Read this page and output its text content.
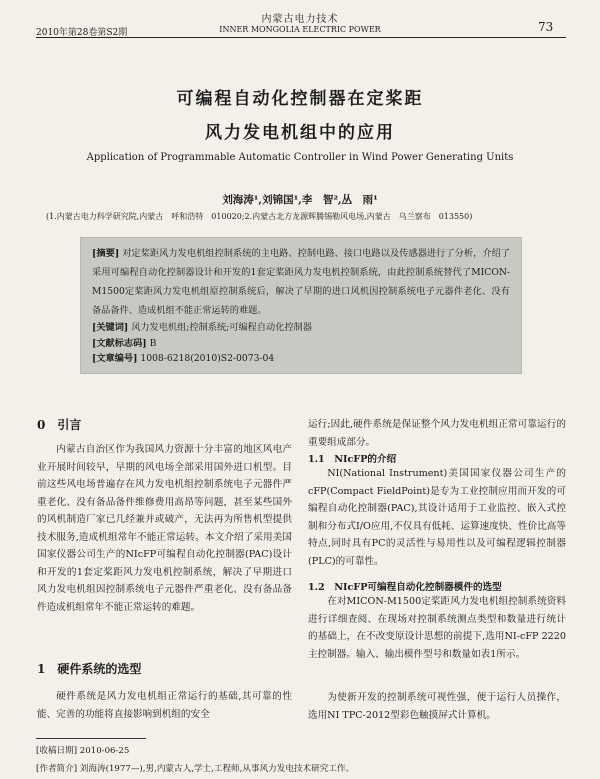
内蒙古电力技术
2010年第28卷第S2期	INNER MONGOLIA ELECTRIC POWER	73
可编程自动化控制器在定桨距
风力发电机组中的应用
Application of Programmable Automatic Controller in Wind Power Generating Units
刘海涛¹,刘锦国¹,李　智²,丛　雨¹
(1.内蒙古电力科学研究院,内蒙古　呼和浩特　010020;2.内蒙古北方龙源辉腾锡勒风电场,内蒙古　乌兰察布　013550)
[摘要] 对定桨距风力发电机组控制系统的主电路、控制电路、接口电路以及传感器进行了分析，介绍了采用可编程自动化控制器设计和开发的1套定桨距风力发电机控制系统，由此控制系统替代了MICON-M1500定桨距风力发电机组原控制系统后，解决了早期的进口风机因控制系统电子元器件老化、没有备品备件、造成机组不能正常运转的难题。
[关键词] 风力发电机组;控制系统;可编程自动化控制器
[文献标志码] B
[文章编号] 1008-6218(2010)S2-0073-04
0　引言
内蒙古自治区作为我国风力资源十分丰富的地区风电产业开展时间较早，早期的风电场全部采用国外进口机型。目前这些风电场普遍存在风力发电机组控制系统电子元器件严重老化、没有备品备件维修费用高昂等问题，甚至某些国外的风机制造厂家已几经兼并或破产，无法再为所售机型提供技术服务,造成机组常年不能正常运转。本文介绍了采用美国国家仪器公司生产的NIcFP可编程自动化控制器(PAC)设计和开发的1套定桨距风力发电机控制系统，解决了早期进口风力发电机组因控制系统电子元器件严重老化、没有备品备件造成机组常年不能正常运转的难题。
1　硬件系统的选型
硬件系统是风力发电机组正常运行的基础,其可靠的性能、完善的功能将直接影响到机组的安全
运行;因此,硬件系统是保证整个风力发电机组正常可靠运行的重要组成部分。
1.1　NIcFP的介绍
NI(National Instrument)美国国家仪器公司生产的cFP(Compact FieldPoint)是专为工业控制应用而开发的可编程自动化控制器(PAC),其设计适用于工业监控、嵌入式控制和分布式I/O应用,不仅具有低耗、运算速度快、性价比高等特点,同时具有PC的灵活性与易用性以及可编程逻辑控制器(PLC)的可靠性。
1.2　NIcFP可编程自动化控制器模件的选型
在对MICON-M1500定桨距风力发电机组控制系统资料进行详细查阅、在现场对控制系统测点类型和数量进行统计的基础上，在不改变原设计思想的前提下,选用NI-cFP 2220主控制器。输入、输出模件型号和数量如表1所示。
为使新开发的控制系统可视性强，便于运行人员操作，选用NI TPC-2012型彩色触摸屏式计算机。
[收稿日期] 2010-06-25
[作者简介] 刘海涛(1977—),男,内蒙古人,学士,工程师,从事风力发电技术研究工作。
